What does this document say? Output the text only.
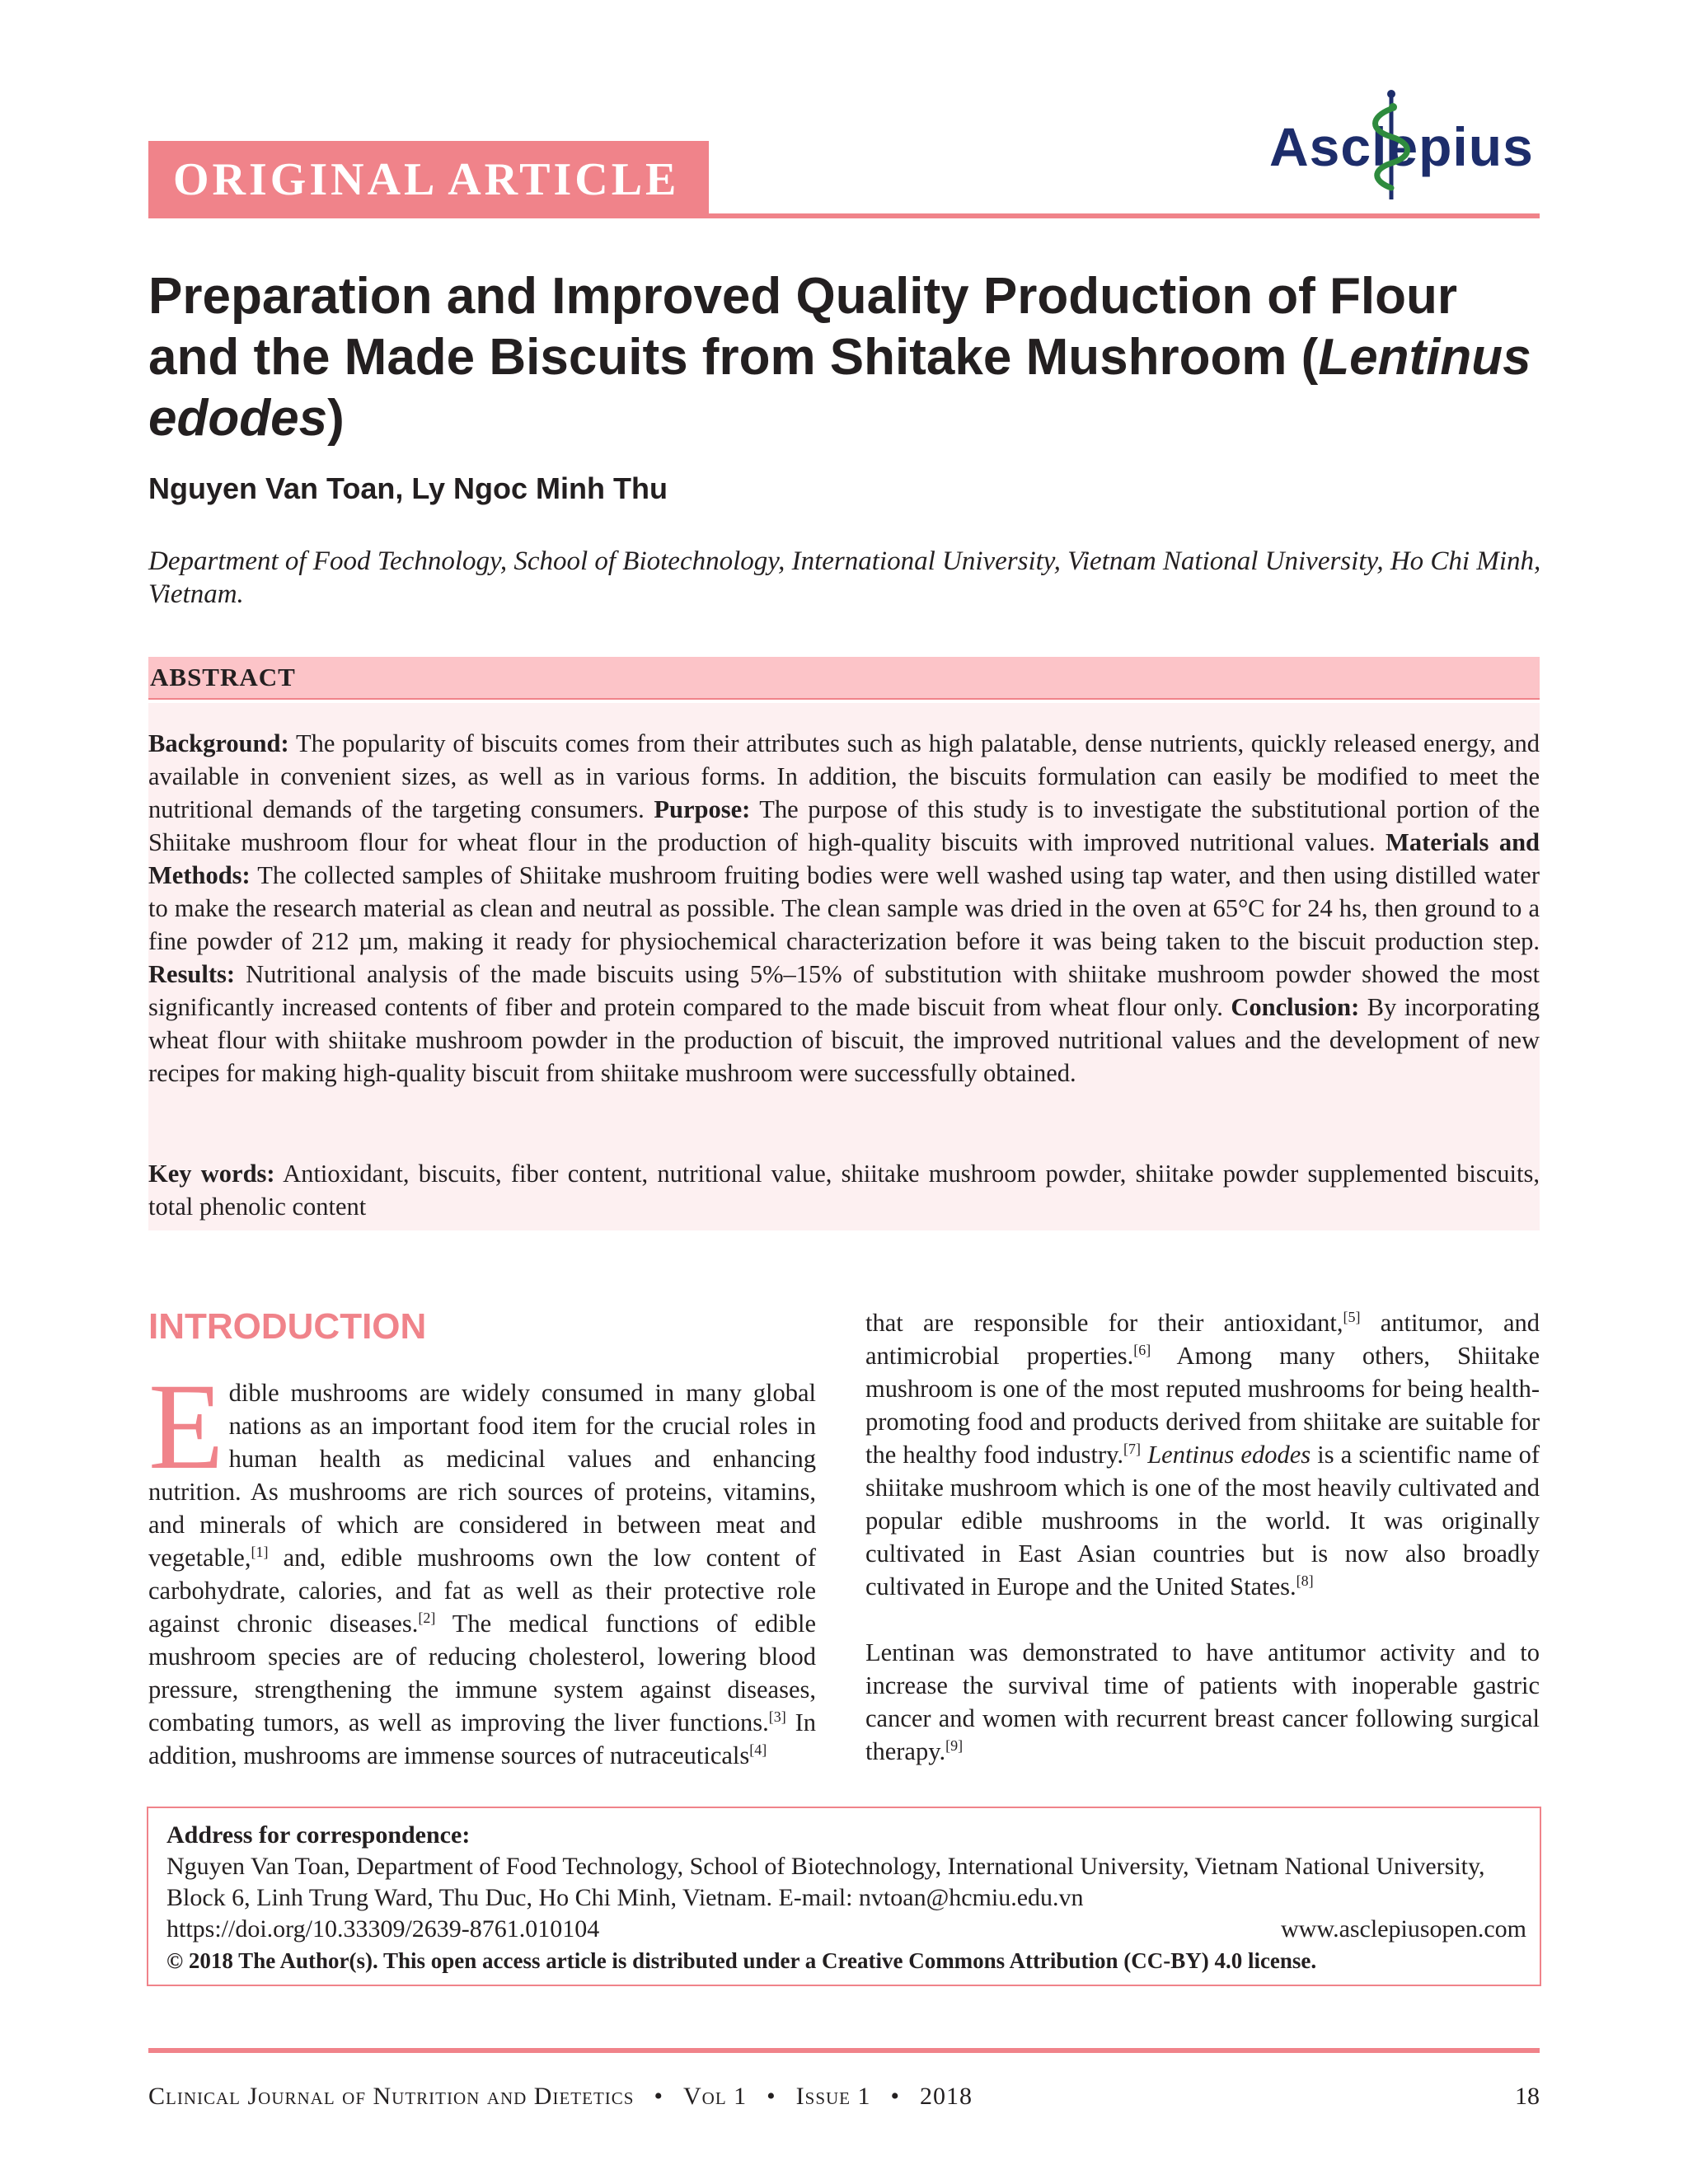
ORIGINAL ARTICLE
Asclepius
Preparation and Improved Quality Production of Flour and the Made Biscuits from Shitake Mushroom (Lentinus edodes)
Nguyen Van Toan, Ly Ngoc Minh Thu
Department of Food Technology, School of Biotechnology, International University, Vietnam National University, Ho Chi Minh, Vietnam.
ABSTRACT

Background: The popularity of biscuits comes from their attributes such as high palatable, dense nutrients, quickly released energy, and available in convenient sizes, as well as in various forms. In addition, the biscuits formulation can easily be modified to meet the nutritional demands of the targeting consumers. Purpose: The purpose of this study is to investigate the substitutional portion of the Shiitake mushroom flour for wheat flour in the production of high-quality biscuits with improved nutritional values. Materials and Methods: The collected samples of Shiitake mushroom fruiting bodies were well washed using tap water, and then using distilled water to make the research material as clean and neutral as possible. The clean sample was dried in the oven at 65°C for 24 hs, then ground to a fine powder of 212 µm, making it ready for physiochemical characterization before it was being taken to the biscuit production step. Results: Nutritional analysis of the made biscuits using 5%–15% of substitution with shiitake mushroom powder showed the most significantly increased contents of fiber and protein compared to the made biscuit from wheat flour only. Conclusion: By incorporating wheat flour with shiitake mushroom powder in the production of biscuit, the improved nutritional values and the development of new recipes for making high-quality biscuit from shiitake mushroom were successfully obtained.

Key words: Antioxidant, biscuits, fiber content, nutritional value, shiitake mushroom powder, shiitake powder supplemented biscuits, total phenolic content

INTRODUCTION

Edible mushrooms are widely consumed in many global nations as an important food item for the crucial roles in human health as medicinal values and enhancing nutrition. As mushrooms are rich sources of proteins, vitamins, and minerals of which are considered in between meat and vegetable,[1] and, edible mushrooms own the low content of carbohydrate, calories, and fat as well as their protective role against chronic diseases.[2] The medical functions of edible mushroom species are of reducing cholesterol, lowering blood pressure, strengthening the immune system against diseases, combating tumors, as well as improving the liver functions.[3] In addition, mushrooms are immense sources of nutraceuticals[4]

that are responsible for their antioxidant,[5] antitumor, and antimicrobial properties.[6] Among many others, Shiitake mushroom is one of the most reputed mushrooms for being health-promoting food and products derived from shiitake are suitable for the healthy food industry.[7] Lentinus edodes is a scientific name of shiitake mushroom which is one of the most heavily cultivated and popular edible mushrooms in the world. It was originally cultivated in East Asian countries but is now also broadly cultivated in Europe and the United States.[8]

Lentinan was demonstrated to have antitumor activity and to increase the survival time of patients with inoperable gastric cancer and women with recurrent breast cancer following surgical therapy.[9]

Address for correspondence:
Nguyen Van Toan, Department of Food Technology, School of Biotechnology, International University, Vietnam National University, Block 6, Linh Trung Ward, Thu Duc, Ho Chi Minh, Vietnam. E-mail: nvtoan@hcmiu.edu.vn
https://doi.org/10.33309/2639-8761.010104	www.asclepiusopen.com
© 2018 The Author(s). This open access article is distributed under a Creative Commons Attribution (CC-BY) 4.0 license.
Clinical Journal of Nutrition and Dietetics • Vol 1 • Issue 1 • 2018	18
